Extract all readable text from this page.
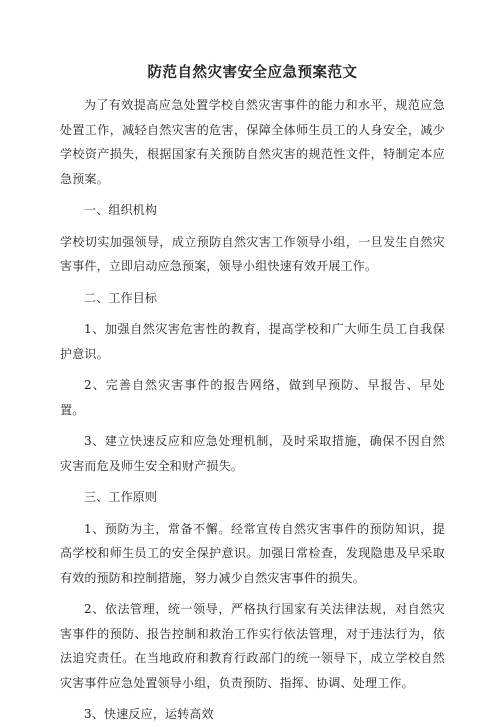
防范自然灾害安全应急预案范文

为了有效提高应急处置学校自然灾害事件的能力和水平，规范应急处置工作，减轻自然灾害的危害，保障全体师生员工的人身安全，减少学校资产损失，根据国家有关预防自然灾害的规范性文件，特制定本应急预案。

一、组织机构

学校切实加强领导，成立预防自然灾害工作领导小组，一旦发生自然灾害事件，立即启动应急预案，领导小组快速有效开展工作。

二、工作目标

1、加强自然灾害危害性的教育，提高学校和广大师生员工自我保护意识。

2、完善自然灾害事件的报告网络，做到早预防、早报告、早处置。

3、建立快速反应和应急处理机制，及时采取措施，确保不因自然灾害而危及师生安全和财产损失。

三、工作原则

1、预防为主，常备不懈。经常宣传自然灾害事件的预防知识，提高学校和师生员工的安全保护意识。加强日常检查，发现隐患及早采取有效的预防和控制措施，努力减少自然灾害事件的损失。

2、依法管理，统一领导，严格执行国家有关法律法规，对自然灾害事件的预防、报告控制和救治工作实行依法管理，对于违法行为，依法追究责任。在当地政府和教育行政部门的统一领导下，成立学校自然灾害事件应急处置领导小组，负责预防、指挥、协调、处理工作。

3、快速反应，运转高效
